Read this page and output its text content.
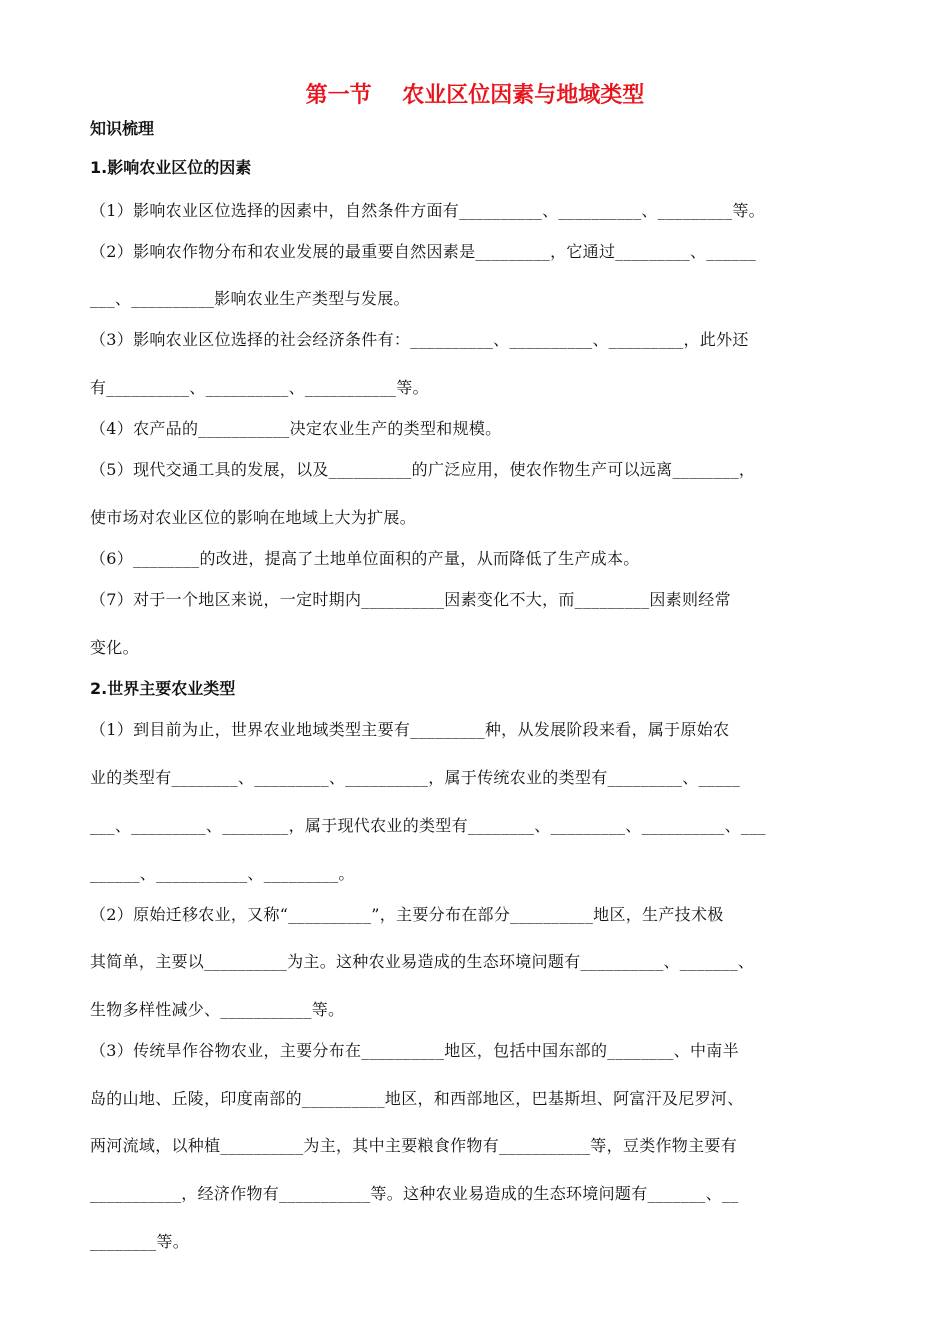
第一节    农业区位因素与地域类型
知识梳理
1.影响农业区位的因素
（1）影响农业区位选择的因素中，自然条件方面有__________、__________、_________等。
（2）影响农作物分布和农业发展的最重要自然因素是_________，它通过_________、______
___、__________影响农业生产类型与发展。
（3）影响农业区位选择的社会经济条件有：__________、__________、_________，此外还
有__________、__________、___________等。
（4）农产品的___________决定农业生产的类型和规模。
（5）现代交通工具的发展，以及__________的广泛应用，使农作物生产可以远离________，
使市场对农业区位的影响在地域上大为扩展。
（6）________的改进，提高了土地单位面积的产量，从而降低了生产成本。
（7）对于一个地区来说，一定时期内__________因素变化不大，而_________因素则经常
变化。
2.世界主要农业类型
（1）到目前为止，世界农业地域类型主要有_________种，从发展阶段来看，属于原始农
业的类型有________、_________、__________，属于传统农业的类型有_________、_____
___、_________、________，属于现代农业的类型有________、_________、__________、___
______、___________、_________。
（2）原始迁移农业，又称“__________”，主要分布在部分__________地区，生产技术极
其简单，主要以__________为主。这种农业易造成的生态环境问题有__________、_______、
生物多样性减少、___________等。
（3）传统旱作谷物农业，主要分布在__________地区，包括中国东部的________、中南半
岛的山地、丘陵，印度南部的__________地区，和西部地区，巴基斯坦、阿富汗及尼罗河、
两河流域，以种植__________为主，其中主要粮食作物有___________等，豆类作物主要有
___________，经济作物有___________等。这种农业易造成的生态环境问题有_______、__
________等。
